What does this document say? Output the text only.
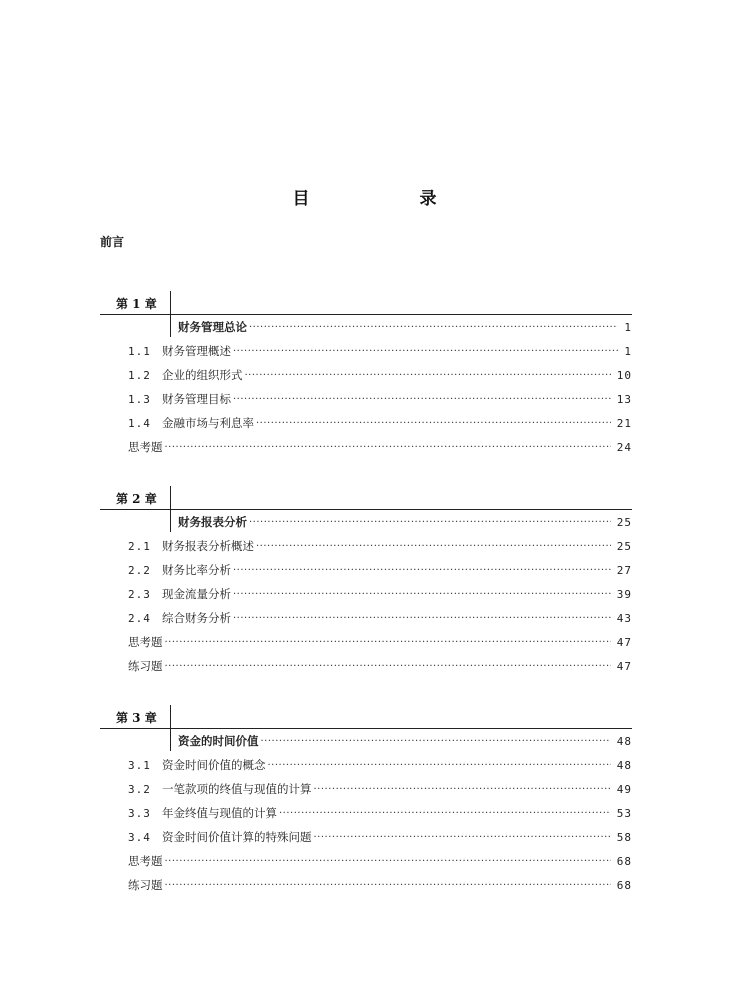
目 录
前言
第 1 章
财务管理总论 ·····	1
1.1 财务管理概述 ·····	1
1.2 企业的组织形式 ·····	10
1.3 财务管理目标 ·····	13
1.4 金融市场与利息率 ·····	21
思考题 ·····	24
第 2 章
财务报表分析 ·····	25
2.1 财务报表分析概述 ·····	25
2.2 财务比率分析 ·····	27
2.3 现金流量分析 ·····	39
2.4 综合财务分析 ·····	43
思考题 ·····	47
练习题 ·····	47
第 3 章
资金的时间价值 ·····	48
3.1 资金时间价值的概念 ·····	48
3.2 一笔款项的终值与现值的计算 ·····	49
3.3 年金终值与现值的计算 ·····	53
3.4 资金时间价值计算的特殊问题 ·····	58
思考题 ·····	68
练习题 ·····	68
